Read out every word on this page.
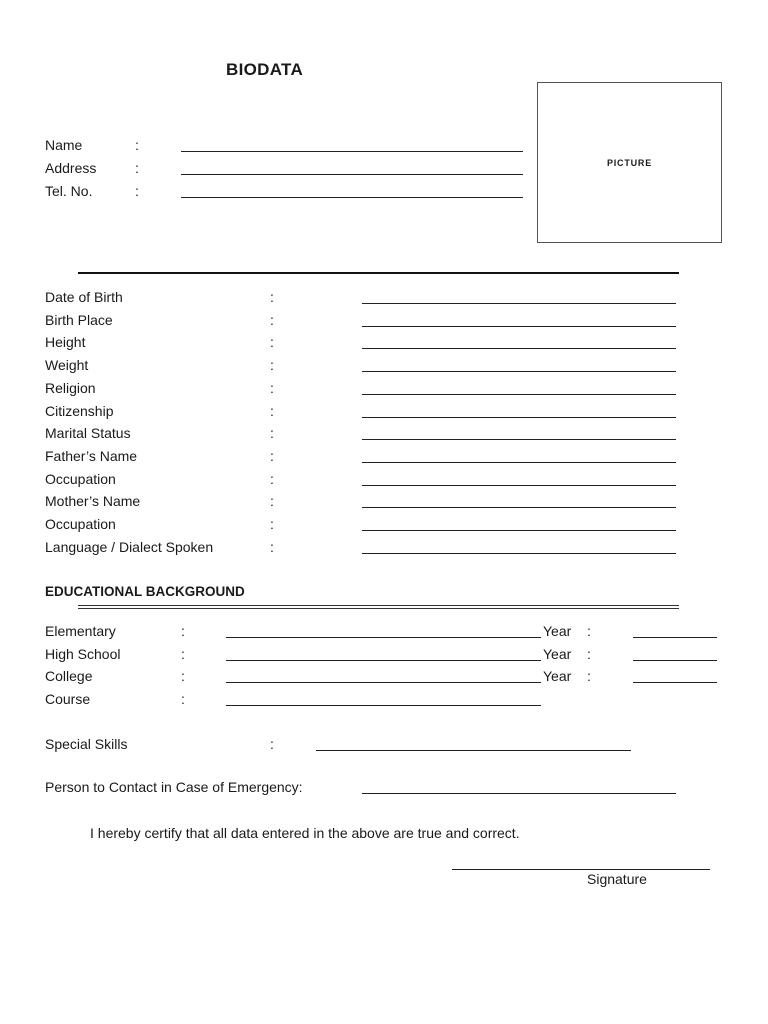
BIODATA
PICTURE
Name	:
Address	:
Tel. No.	:
Date of Birth	:
Birth Place	:
Height	:
Weight	:
Religion	:
Citizenship	:
Marital Status	:
Father’s Name	:
Occupation	:
Mother’s Name	:
Occupation	:
Language / Dialect Spoken	:
EDUCATIONAL BACKGROUND
Elementary	:	Year :
High School	:	Year :
College	:	Year :
Course	:
Special Skills	:
Person to Contact in Case of Emergency:
I hereby certify that all data entered in the above are true and correct.
Signature
